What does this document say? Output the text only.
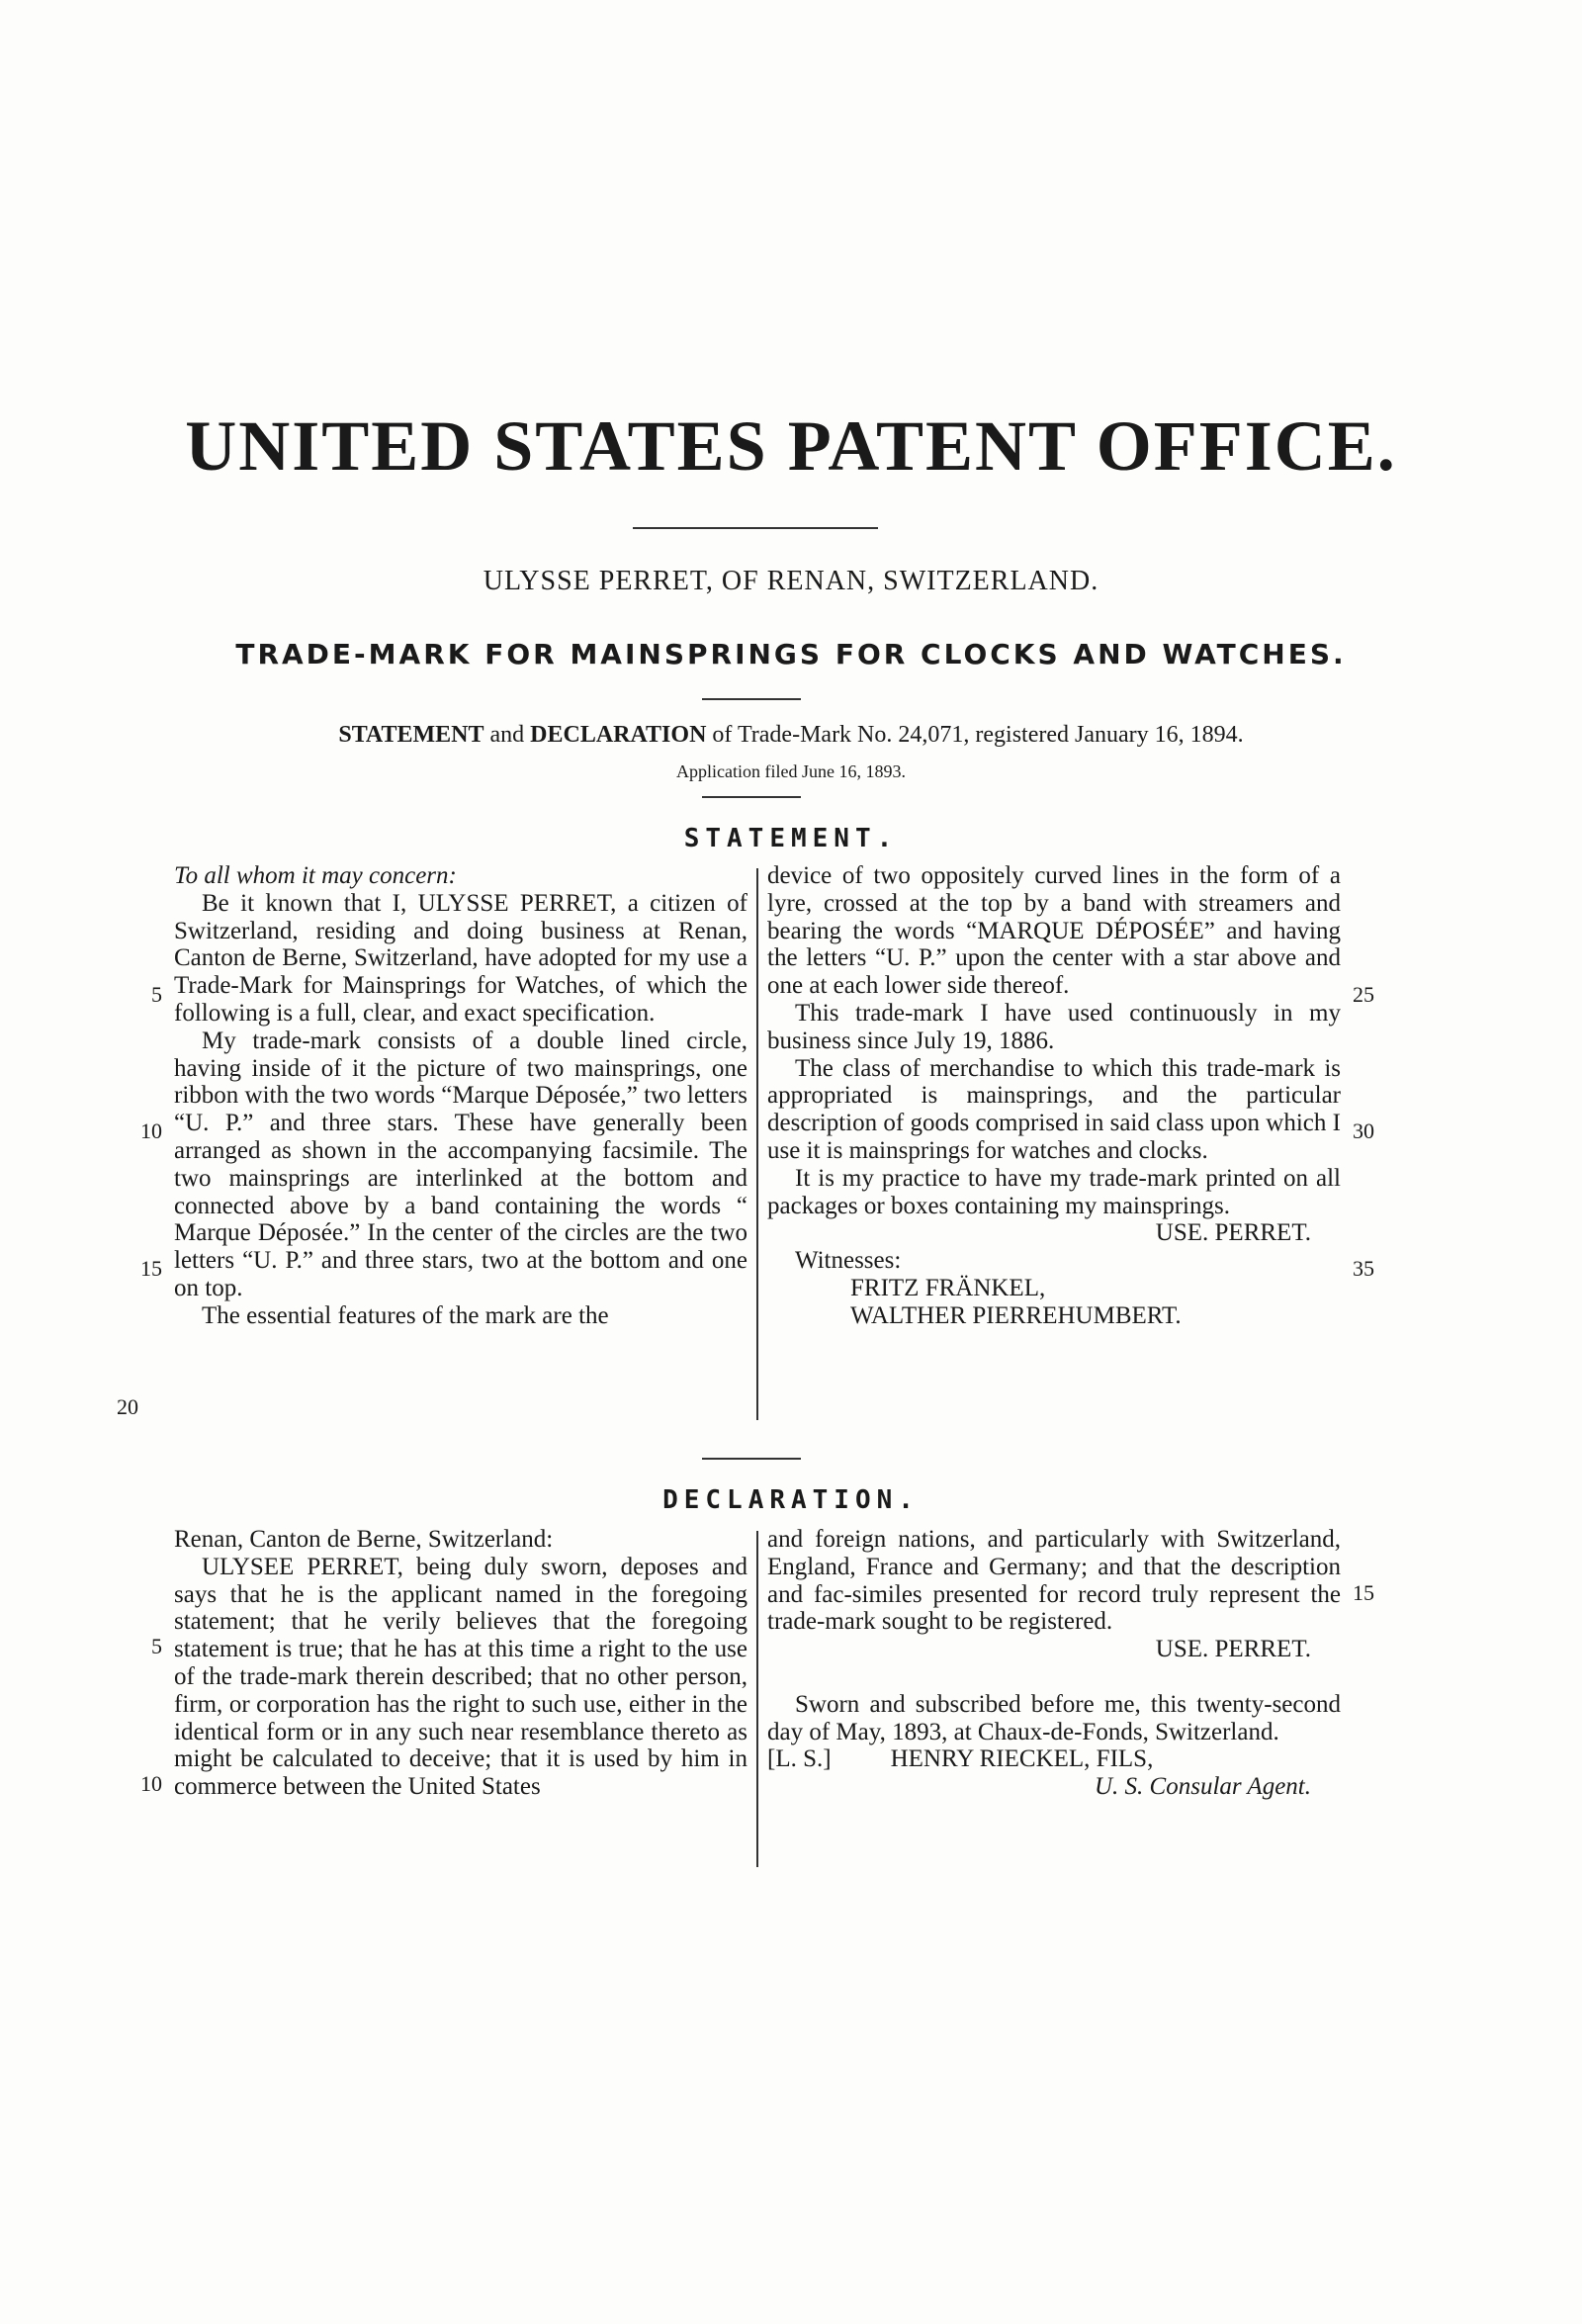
UNITED STATES PATENT OFFICE.
ULYSSE PERRET, OF RENAN, SWITZERLAND.
TRADE-MARK FOR MAINSPRINGS FOR CLOCKS AND WATCHES.
STATEMENT and DECLARATION of Trade-Mark No. 24,071, registered January 16, 1894.
Application filed June 16, 1893.
STATEMENT.

To all whom it may concern:

Be it known that I, ULYSSE PERRET, a citizen of Switzerland, residing and doing business at Renan, Canton de Berne, Switzerland, have adopted for my use a Trade-Mark for Mainsprings for Watches, of which the following is a full, clear, and exact specification.

My trade-mark consists of a double lined circle, having inside of it the picture of two mainsprings, one ribbon with the two words “Marque Déposée,” two letters “U. P.” and three stars. These have generally been arranged as shown in the accompanying facsimile. The two mainsprings are interlinked at the bottom and connected above by a band containing the words “ Marque Déposée.” In the center of the circles are the two letters “U. P.” and three stars, two at the bottom and one on top.

The essential features of the mark are the

device of two oppositely curved lines in the form of a lyre, crossed at the top by a band with streamers and bearing the words “MARQUE DÉPOSÉE” and having the letters “U. P.” upon the center with a star above and one at each lower side thereof.

This trade-mark I have used continuously in my business since July 19, 1886.

The class of merchandise to which this trade-mark is appropriated is mainsprings, and the particular description of goods comprised in said class upon which I use it is mainsprings for watches and clocks.

It is my practice to have my trade-mark printed on all packages or boxes containing my mainsprings.

USE. PERRET.

Witnesses:

FRITZ FRÄNKEL,

WALTHER PIERREHUMBERT.

5
10
15
20
25
30
35
DECLARATION.

Renan, Canton de Berne, Switzerland:

ULYSEE PERRET, being duly sworn, deposes and says that he is the applicant named in the foregoing statement; that he verily believes that the foregoing statement is true; that he has at this time a right to the use of the trade-mark therein described; that no other person, firm, or corporation has the right to such use, either in the identical form or in any such near resemblance thereto as might be calculated to deceive; that it is used by him in commerce between the United States

and foreign nations, and particularly with Switzerland, England, France and Germany; and that the description and fac-similes presented for record truly represent the trade-mark sought to be registered.

USE. PERRET.

Sworn and subscribed before me, this twenty-second day of May, 1893, at Chaux-de-Fonds, Switzerland.

[L. S.] HENRY RIECKEL, FILS,

U. S. Consular Agent.

5
10
15
